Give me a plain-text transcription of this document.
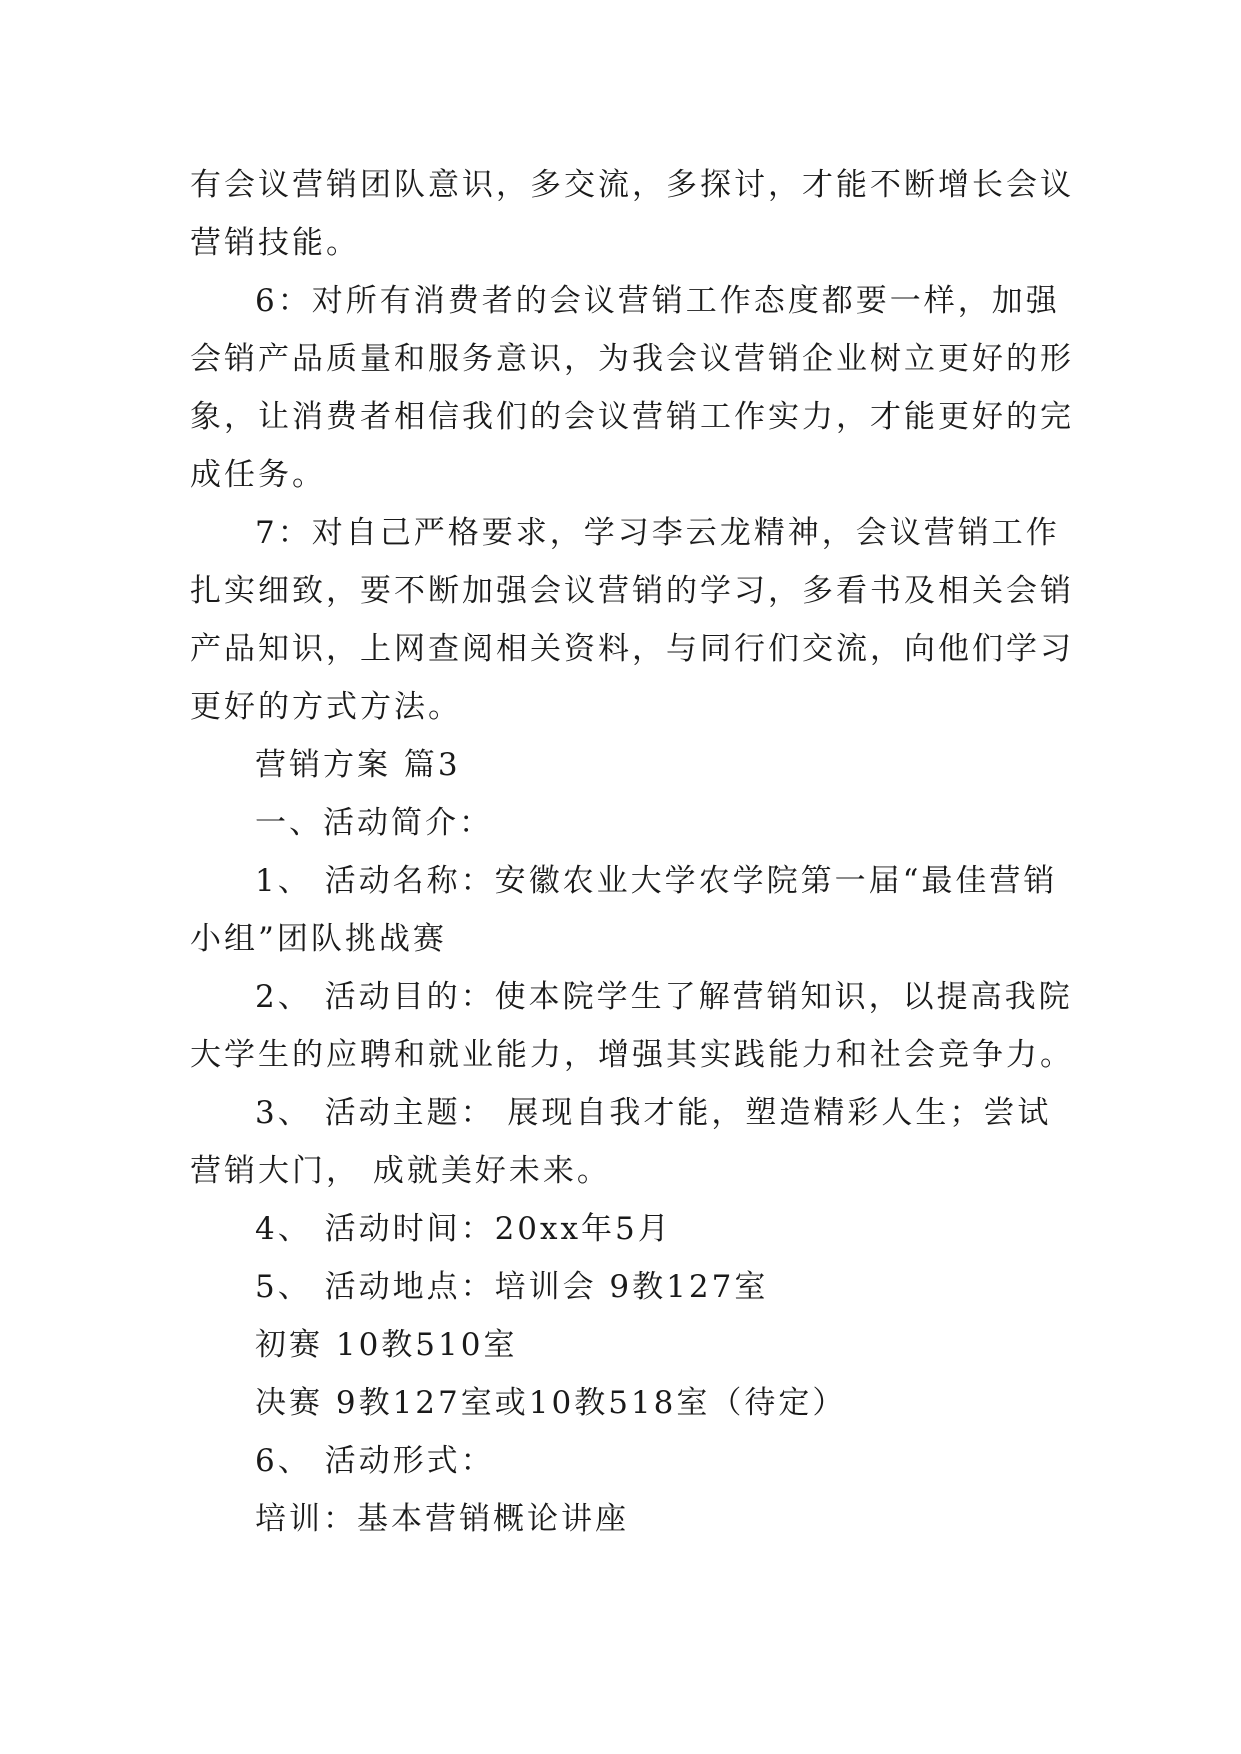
有会议营销团队意识，多交流，多探讨，才能不断增长会议
营销技能。
6：对所有消费者的会议营销工作态度都要一样，加强
会销产品质量和服务意识，为我会议营销企业树立更好的形
象，让消费者相信我们的会议营销工作实力，才能更好的完
成任务。
7：对自己严格要求，学习李云龙精神，会议营销工作
扎实细致，要不断加强会议营销的学习，多看书及相关会销
产品知识，上网查阅相关资料，与同行们交流，向他们学习
更好的方式方法。
营销方案 篇3
一、活动简介：
1、 活动名称：安徽农业大学农学院第一届“最佳营销
小组”团队挑战赛
2、 活动目的：使本院学生了解营销知识，以提高我院
大学生的应聘和就业能力，增强其实践能力和社会竞争力。
3、 活动主题： 展现自我才能，塑造精彩人生；尝试
营销大门， 成就美好未来。
4、 活动时间：20xx年5月
5、 活动地点：培训会 9教127室
初赛 10教510室
决赛 9教127室或10教518室（待定）
6、 活动形式：
培训：基本营销概论讲座
